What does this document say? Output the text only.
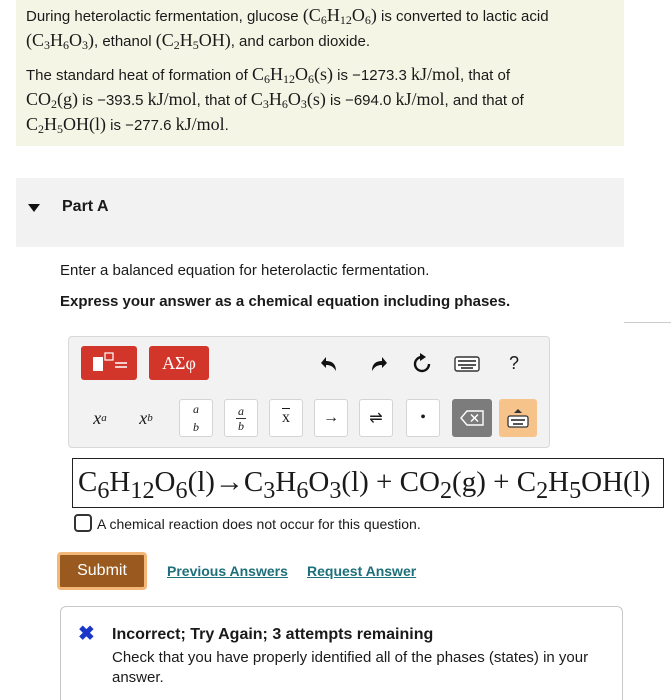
During heterolactic fermentation, glucose $(C_6H_{12}O_6)$ is converted to lactic acid
$(C_3H_6O_3)$, ethanol $(C_2H_5OH)$, and carbon dioxide.

The standard heat of formation of $C_6H_{12}O_6(s)$ is −1273.3 kJ/mol, that of
$CO_2(g)$ is −393.5 kJ/mol, that of $C_3H_6O_3(s)$ is −694.0 kJ/mol, and that of
$C_2H_5OH(l)$ is −277.6 kJ/mol.

Part A
Enter a balanced equation for heterolactic fermentation.
Express your answer as a chemical equation including phases.
ΑΣφ	?
x a x b
a
b	$\frac{a}{b} \overline{x}$	→	⇌	•
$C_6H_{12}O_6(l)\to C_3H_6O_3(l) + CO_2(g) + C_2H_5OH(l)$
A chemical reaction does not occur for this question.
Submit	Previous Answers Request Answer
✖ Incorrect; Try Again; 3 attempts remaining
Check that you have properly identified all of the phases (states) in your answer.
